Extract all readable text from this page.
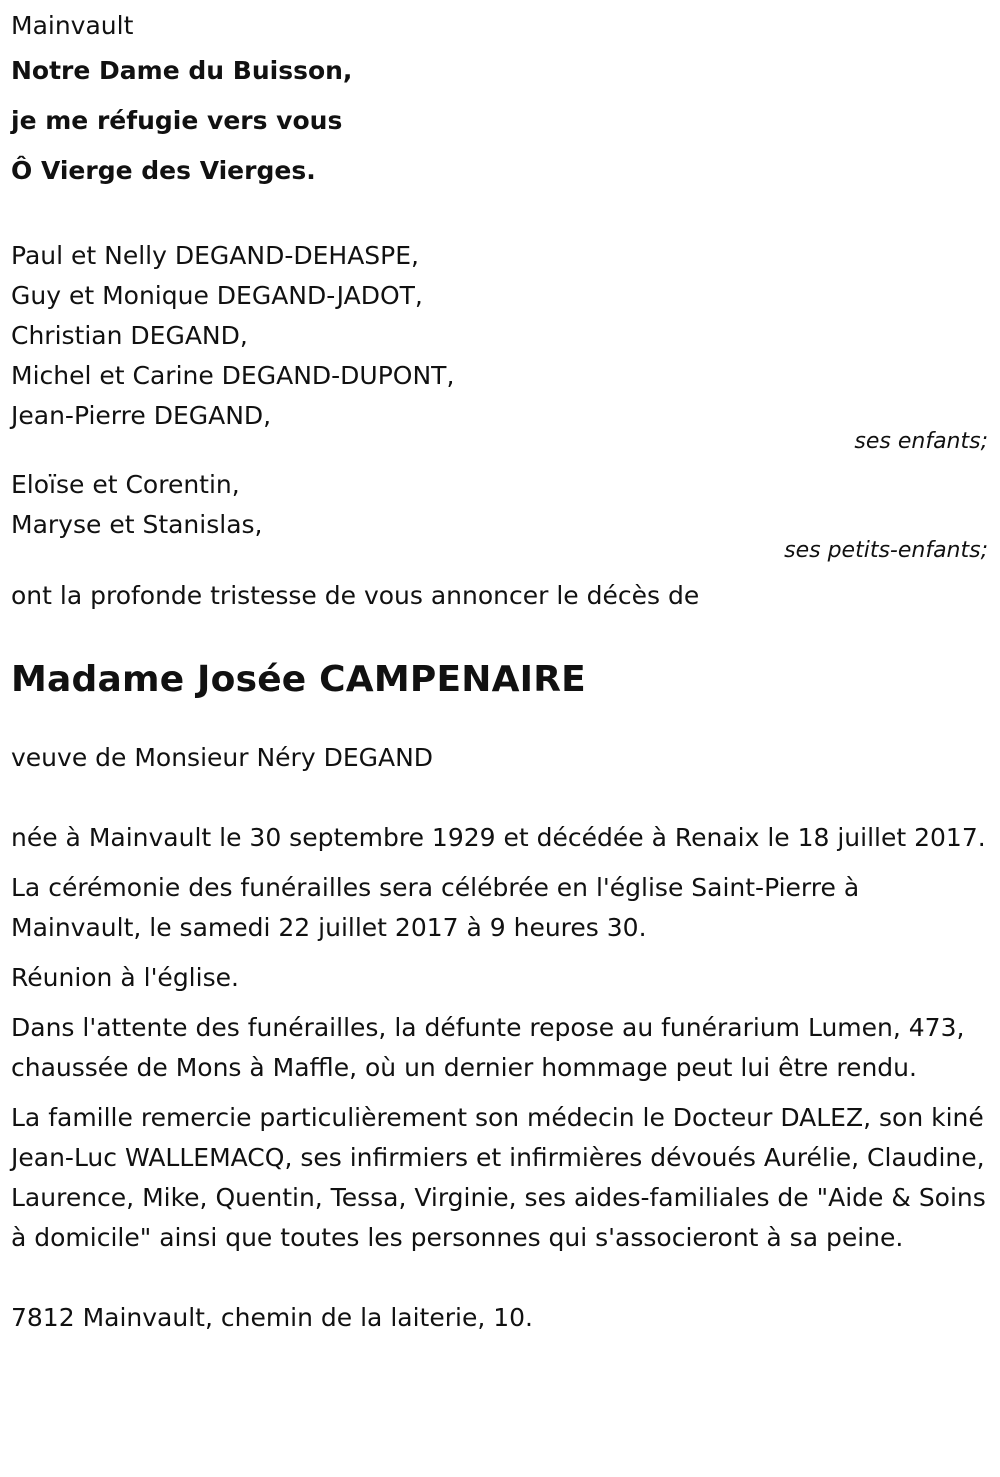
Mainvault
Notre Dame du Buisson,
je me réfugie vers vous
Ô Vierge des Vierges.
Paul et Nelly DEGAND-DEHASPE,
Guy et Monique DEGAND-JADOT,
Christian DEGAND,
Michel et Carine DEGAND-DUPONT,
Jean-Pierre DEGAND,
ses enfants;
Eloïse et Corentin,
Maryse et Stanislas,
ses petits-enfants;
ont la profonde tristesse de vous annoncer le décès de
Madame Josée CAMPENAIRE
veuve de Monsieur Néry DEGAND

née à Mainvault le 30 septembre 1929 et décédée à Renaix le 18 juillet 2017.

La cérémonie des funérailles sera célébrée en l'église Saint-Pierre à Mainvault, le samedi 22 juillet 2017 à 9 heures 30.

Réunion à l'église.

Dans l'attente des funérailles, la défunte repose au funérarium Lumen, 473, chaussée de Mons à Maffle, où un dernier hommage peut lui être rendu.

La famille remercie particulièrement son médecin le Docteur DALEZ, son kiné Jean-Luc WALLEMACQ, ses infirmiers et infirmières dévoués Aurélie, Claudine, Laurence, Mike, Quentin, Tessa, Virginie, ses aides-familiales de "Aide & Soins à domicile" ainsi que toutes les personnes qui s'associeront à sa peine.

7812 Mainvault, chemin de la laiterie, 10.
